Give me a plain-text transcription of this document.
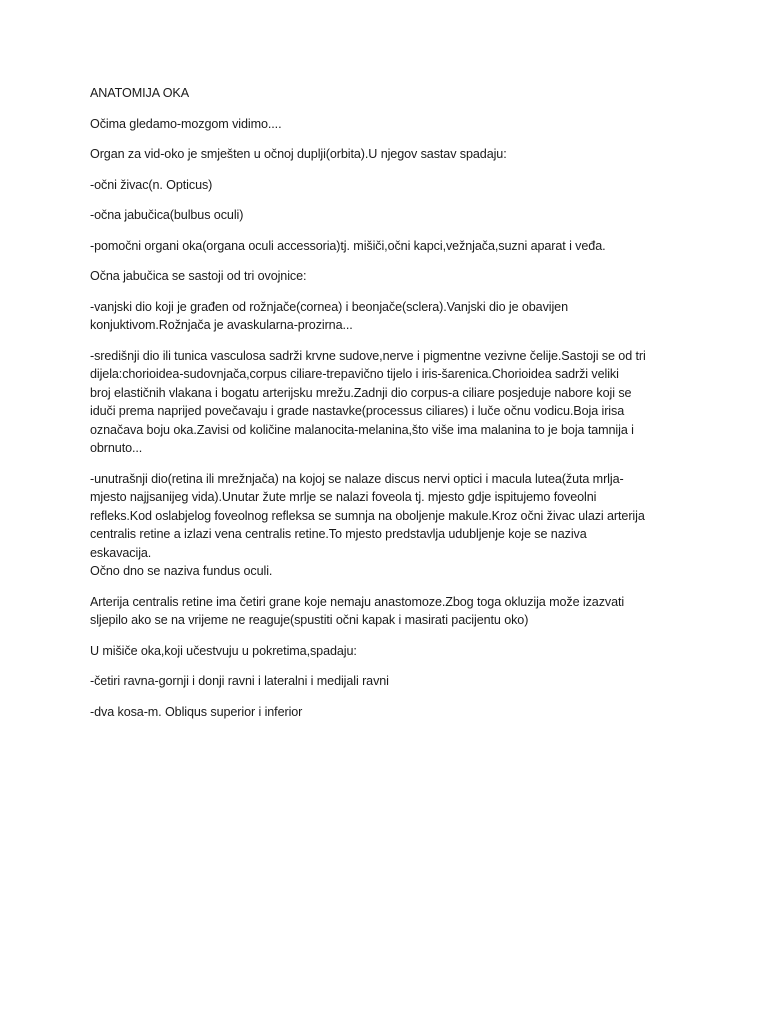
ANATOMIJA OKA

Očima gledamo-mozgom vidimo....

Organ za vid-oko je smješten u očnoj duplji(orbita).U njegov sastav spadaju:

-očni živac(n. Opticus)

-očna jabučica(bulbus oculi)

-pomočni organi oka(organa oculi accessoria)tj. mišiči,očni kapci,vežnjača,suzni aparat i veđa.

Očna jabučica se sastoji od tri ovojnice:

-vanjski dio koji je građen od rožnjače(cornea) i beonjače(sclera).Vanjski dio je obavijen
konjuktivom.Rožnjača je avaskularna-prozirna...

-središnji dio ili tunica vasculosa sadrži krvne sudove,nerve i pigmentne vezivne čelije.Sastoji se od tri
dijela:chorioidea-sudovnjača,corpus ciliare-trepavično tijelo i iris-šarenica.Chorioidea sadrži veliki
broj elastičnih vlakana i bogatu arterijsku mrežu.Zadnji dio corpus-a ciliare posjeduje nabore koji se
iduči prema naprijed povečavaju i grade nastavke(processus ciliares) i luče očnu vodicu.Boja irisa
označava boju oka.Zavisi od količine malanocita-melanina,što više ima malanina to je boja tamnija i
obrnuto...

-unutrašnji dio(retina ili mrežnjača) na kojoj se nalaze discus nervi optici i macula lutea(žuta mrlja-
mjesto najjsanijeg vida).Unutar žute mrlje se nalazi foveola tj. mjesto gdje ispitujemo foveolni
refleks.Kod oslabjelog foveolnog refleksa se sumnja na oboljenje makule.Kroz očni živac ulazi arterija
centralis retine a izlazi vena centralis retine.To mjesto predstavlja udubljenje koje se naziva
eskavacija.
Očno dno se naziva fundus oculi.

Arterija centralis retine ima četiri grane koje nemaju anastomoze.Zbog toga okluzija može izazvati
sljepilo ako se na vrijeme ne reaguje(spustiti očni kapak i masirati pacijentu oko)

U mišiče oka,koji učestvuju u pokretima,spadaju:

-četiri ravna-gornji i donji ravni i lateralni i medijali ravni

-dva kosa-m. Obliqus superior i inferior
